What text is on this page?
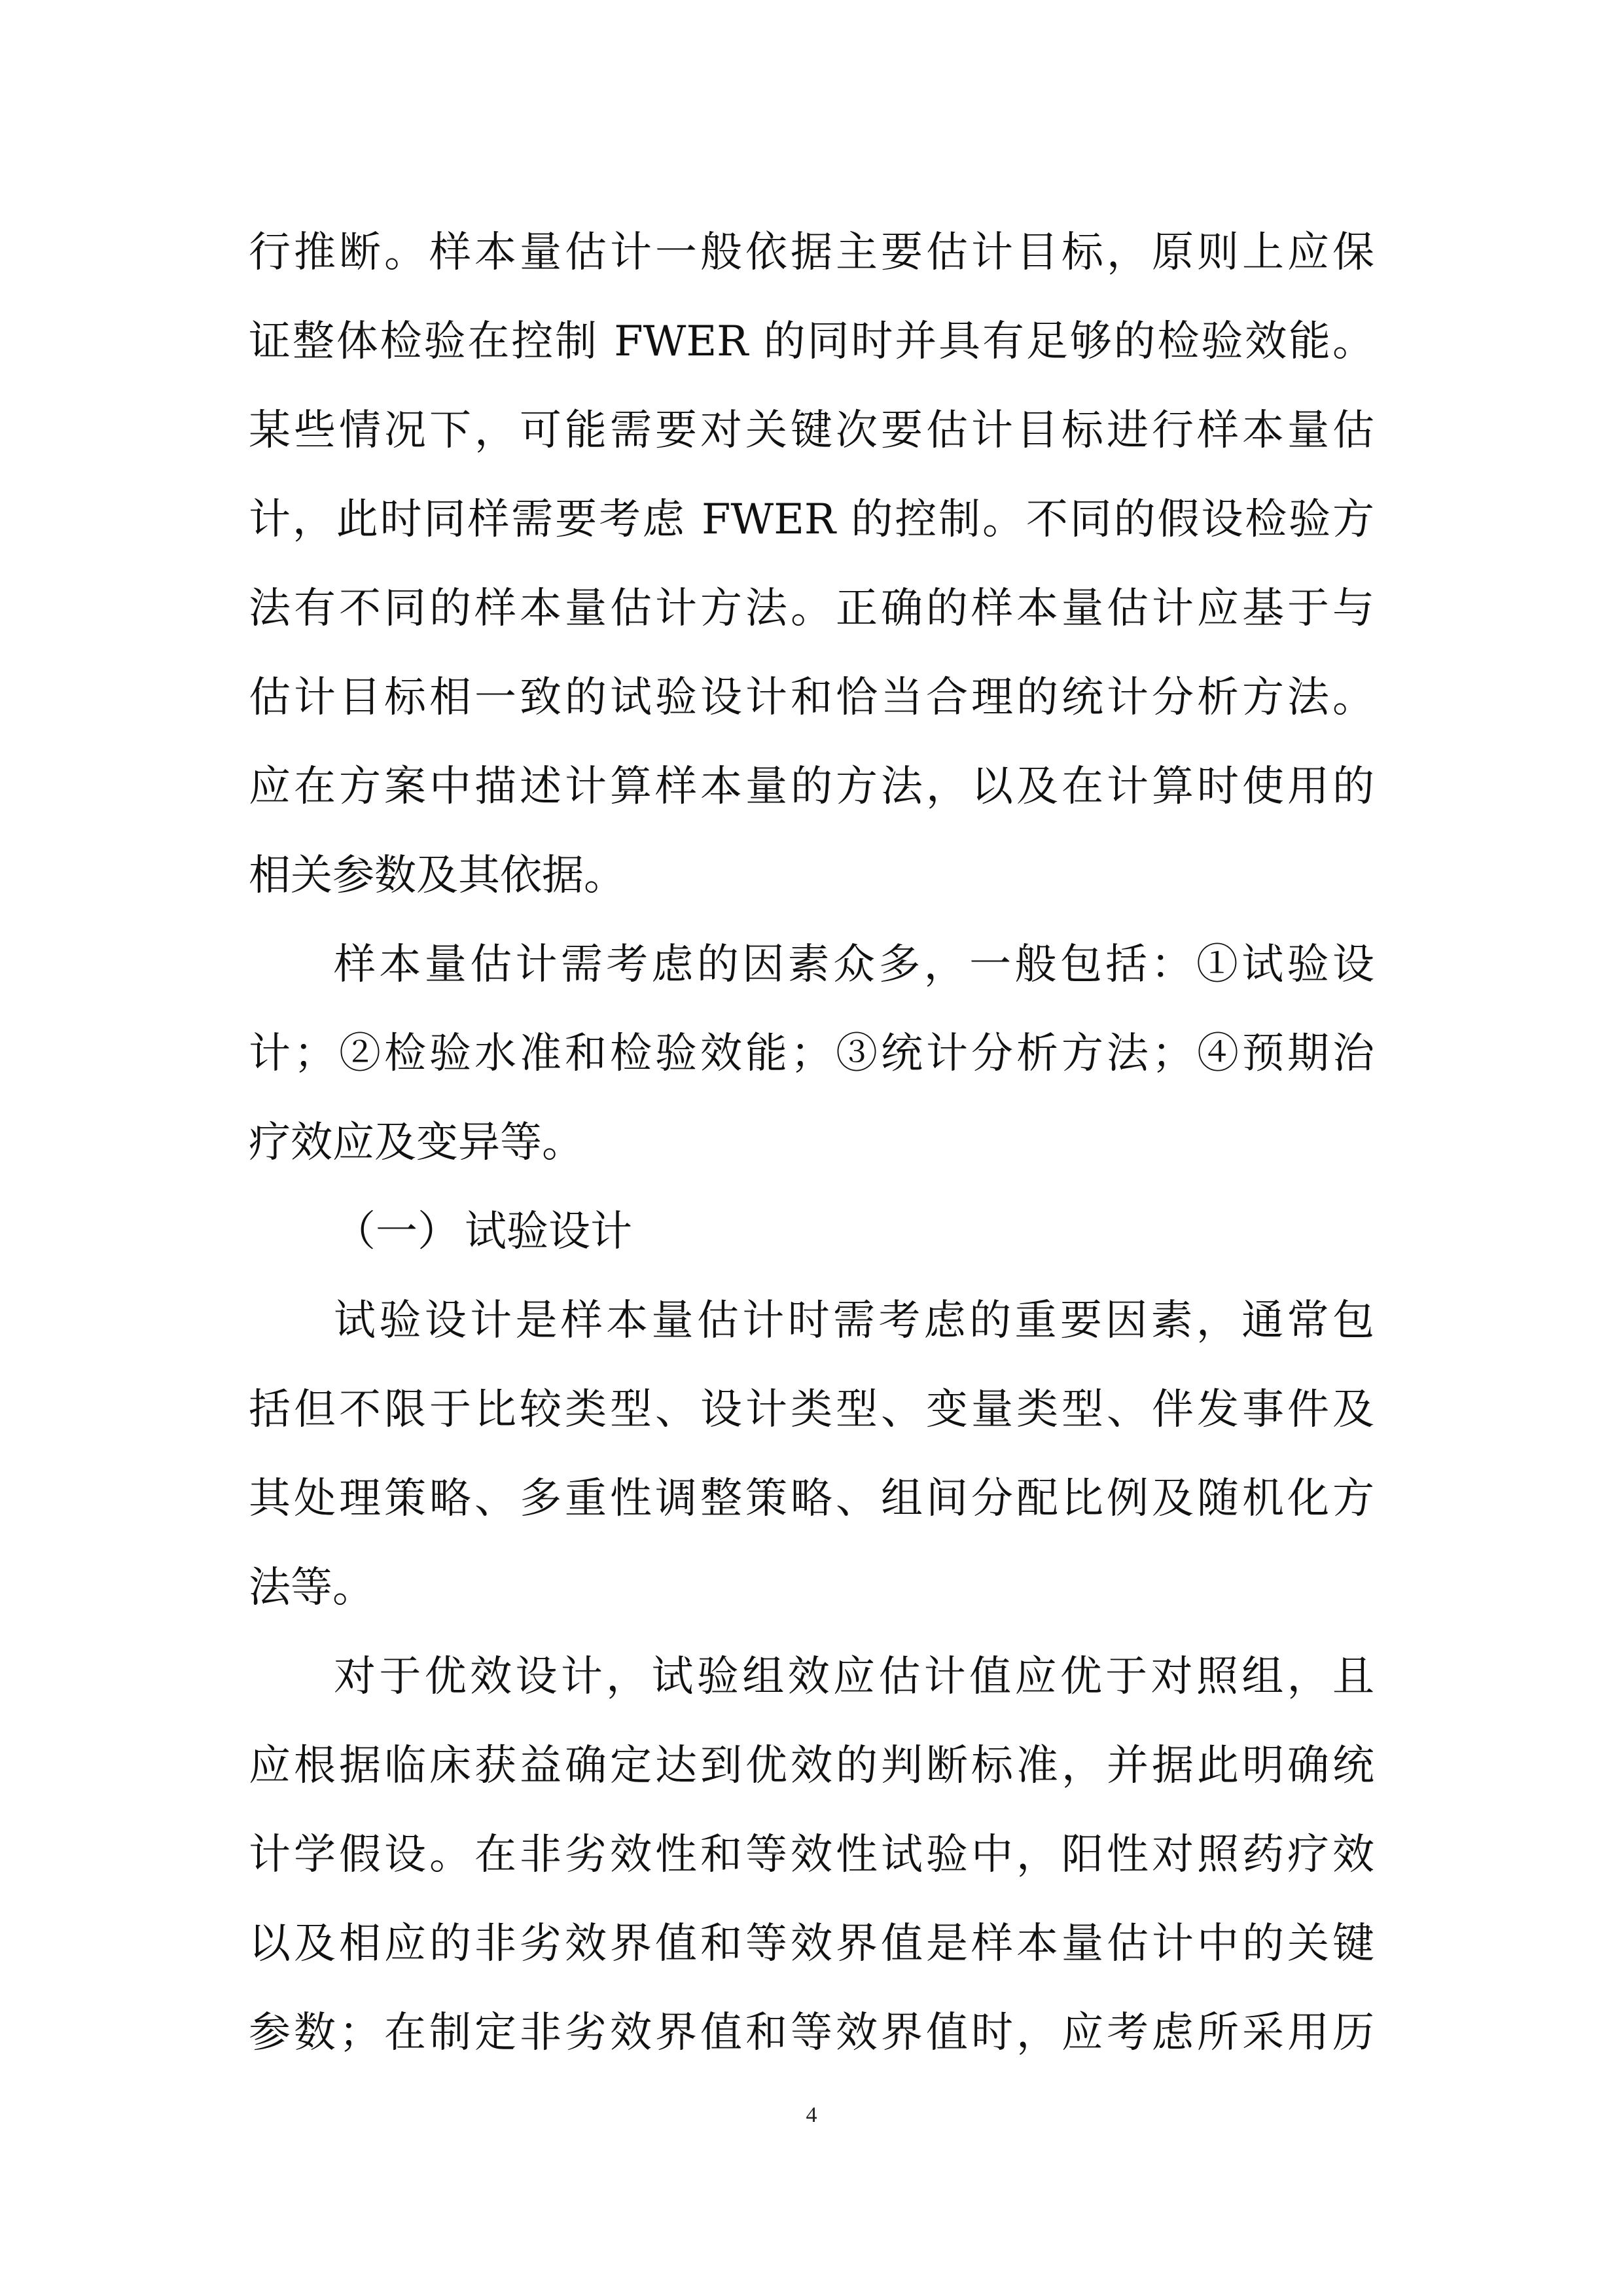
行推断。样本量估计一般依据主要估计目标，原则上应保
证整体检验在控制 FWER 的同时并具有足够的检验效能。
某些情况下，可能需要对关键次要估计目标进行样本量估
计，此时同样需要考虑 FWER 的控制。不同的假设检验方
法有不同的样本量估计方法。正确的样本量估计应基于与
估计目标相一致的试验设计和恰当合理的统计分析方法。
应在方案中描述计算样本量的方法，以及在计算时使用的
相关参数及其依据。
样本量估计需考虑的因素众多，一般包括：①试验设
计；②检验水准和检验效能；③统计分析方法；④预期治
疗效应及变异等。
（一） 试验设计
试验设计是样本量估计时需考虑的重要因素，通常包
括但不限于比较类型、设计类型、变量类型、伴发事件及
其处理策略、多重性调整策略、组间分配比例及随机化方
法等。
对于优效设计，试验组效应估计值应优于对照组，且
应根据临床获益确定达到优效的判断标准，并据此明确统
计学假设。在非劣效性和等效性试验中，阳性对照药疗效
以及相应的非劣效界值和等效界值是样本量估计中的关键
参数；在制定非劣效界值和等效界值时，应考虑所采用历
4
